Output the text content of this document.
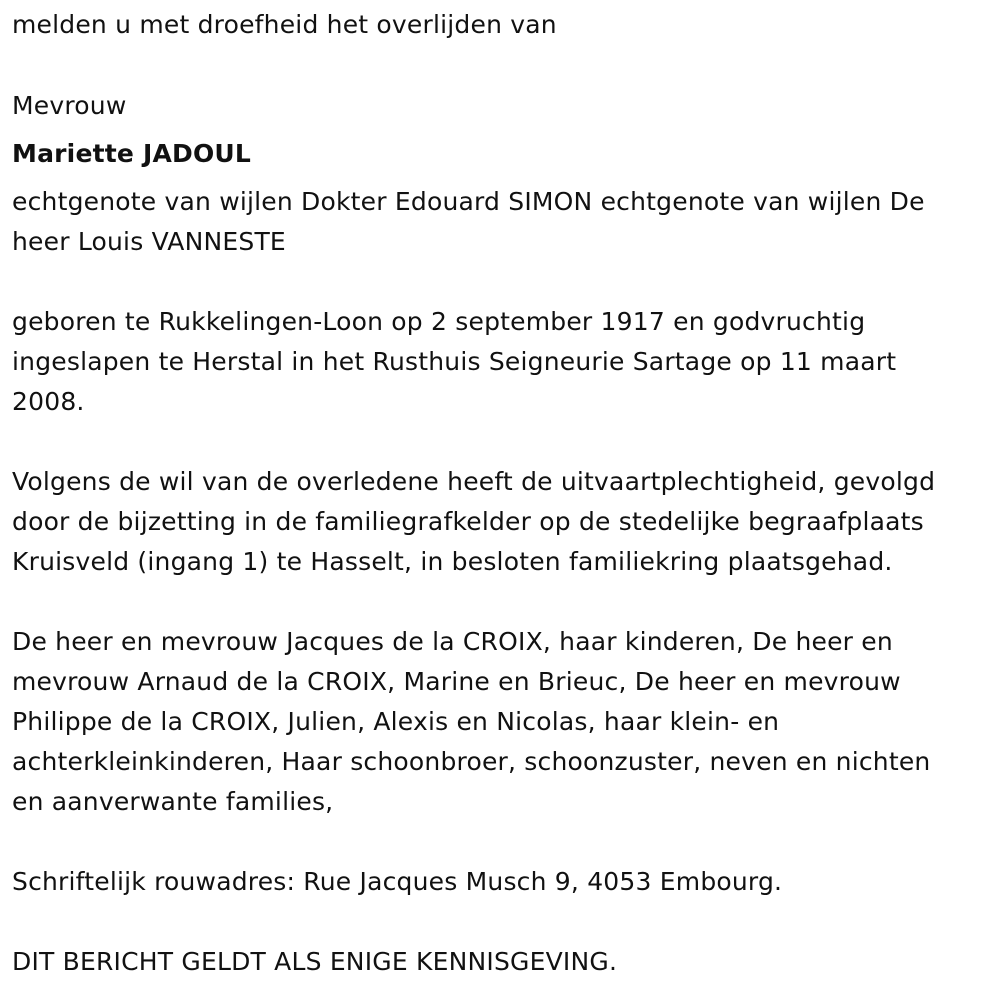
melden u met droefheid het overlijden van
Mevrouw
Mariette JADOUL
echtgenote van wijlen Dokter Edouard SIMON echtgenote van wijlen De
heer Louis VANNESTE
geboren te Rukkelingen-Loon op 2 september 1917 en godvruchtig
ingeslapen te Herstal in het Rusthuis Seigneurie Sartage op 11 maart
2008.
Volgens de wil van de overledene heeft de uitvaartplechtigheid, gevolgd
door de bijzetting in de familiegrafkelder op de stedelijke begraafplaats
Kruisveld (ingang 1) te Hasselt, in besloten familiekring plaatsgehad.
De heer en mevrouw Jacques de la CROIX, haar kinderen, De heer en
mevrouw Arnaud de la CROIX, Marine en Brieuc, De heer en mevrouw
Philippe de la CROIX, Julien, Alexis en Nicolas, haar klein- en
achterkleinkinderen, Haar schoonbroer, schoonzuster, neven en nichten
en aanverwante families,
Schriftelijk rouwadres: Rue Jacques Musch 9, 4053 Embourg.
DIT BERICHT GELDT ALS ENIGE KENNISGEVING.
